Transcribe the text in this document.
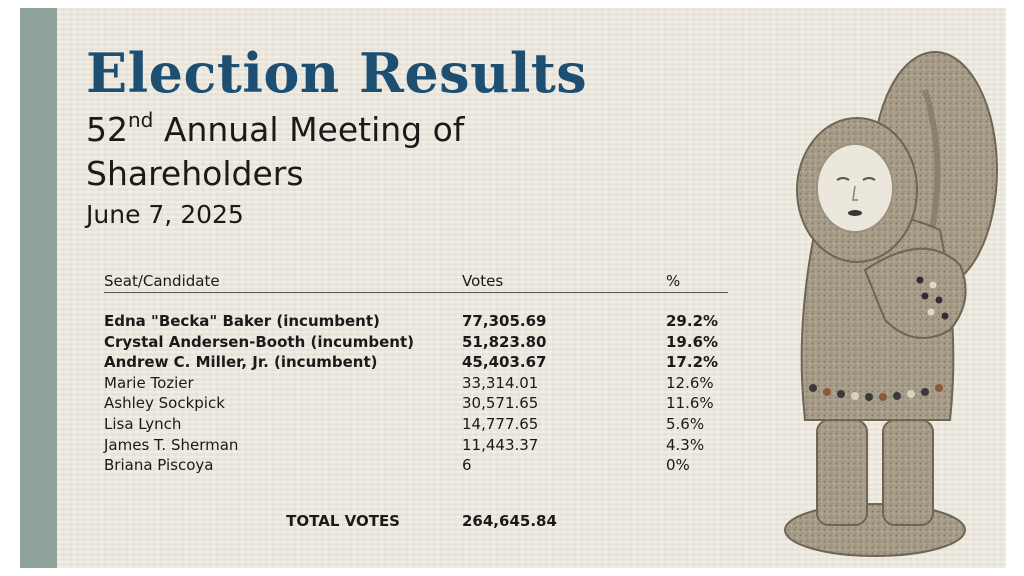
Election Results

52nd Annual Meeting of Shareholders

June 7, 2025

Seat/Candidate	Votes	%
Edna "Becka" Baker (incumbent)	77,305.69	29.2%
Crystal Andersen-Booth (incumbent)	51,823.80	19.6%
Andrew C. Miller, Jr. (incumbent)	45,403.67	17.2%
Marie Tozier	33,314.01	12.6%
Ashley Sockpick	30,571.65	11.6%
Lisa Lynch	14,777.65	5.6%
James T. Sherman	11,443.37	4.3%
Briana Piscoya	6	0%
TOTAL VOTES	264,645.84
